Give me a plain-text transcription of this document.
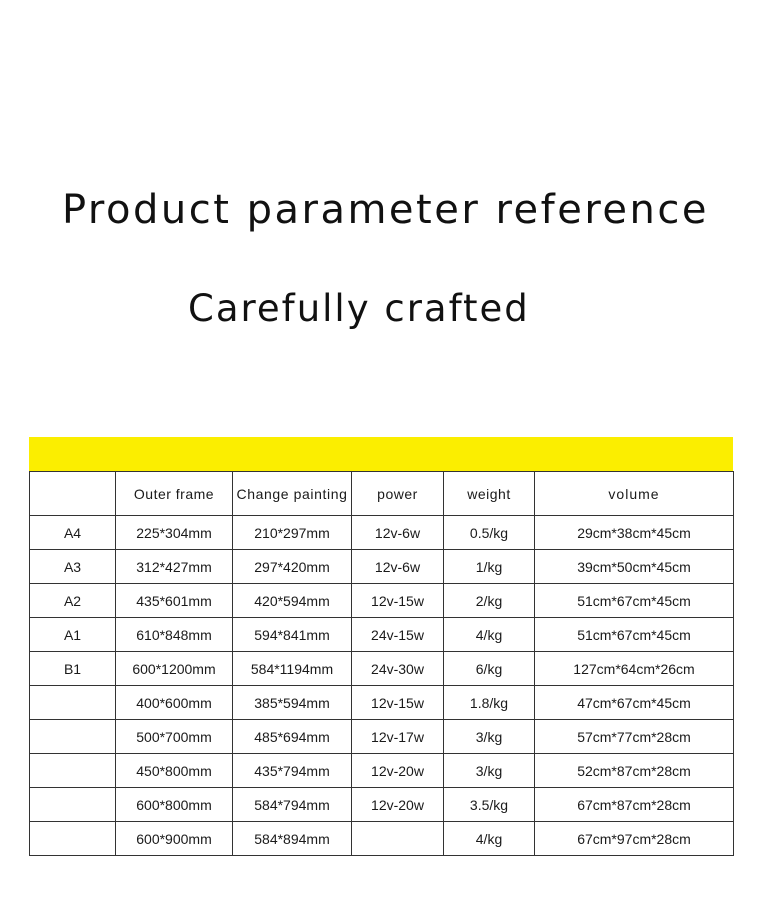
Product parameter reference
Carefully crafted
	Outer frame	Change painting	power	weight	volume
A4	225*304mm	210*297mm	12v-6w	0.5/kg	29cm*38cm*45cm
A3	312*427mm	297*420mm	12v-6w	1/kg	39cm*50cm*45cm
A2	435*601mm	420*594mm	12v-15w	2/kg	51cm*67cm*45cm
A1	610*848mm	594*841mm	24v-15w	4/kg	51cm*67cm*45cm
B1	600*1200mm	584*1194mm	24v-30w	6/kg	127cm*64cm*26cm
	400*600mm	385*594mm	12v-15w	1.8/kg	47cm*67cm*45cm
	500*700mm	485*694mm	12v-17w	3/kg	57cm*77cm*28cm
	450*800mm	435*794mm	12v-20w	3/kg	52cm*87cm*28cm
	600*800mm	584*794mm	12v-20w	3.5/kg	67cm*87cm*28cm
	600*900mm	584*894mm		4/kg	67cm*97cm*28cm
